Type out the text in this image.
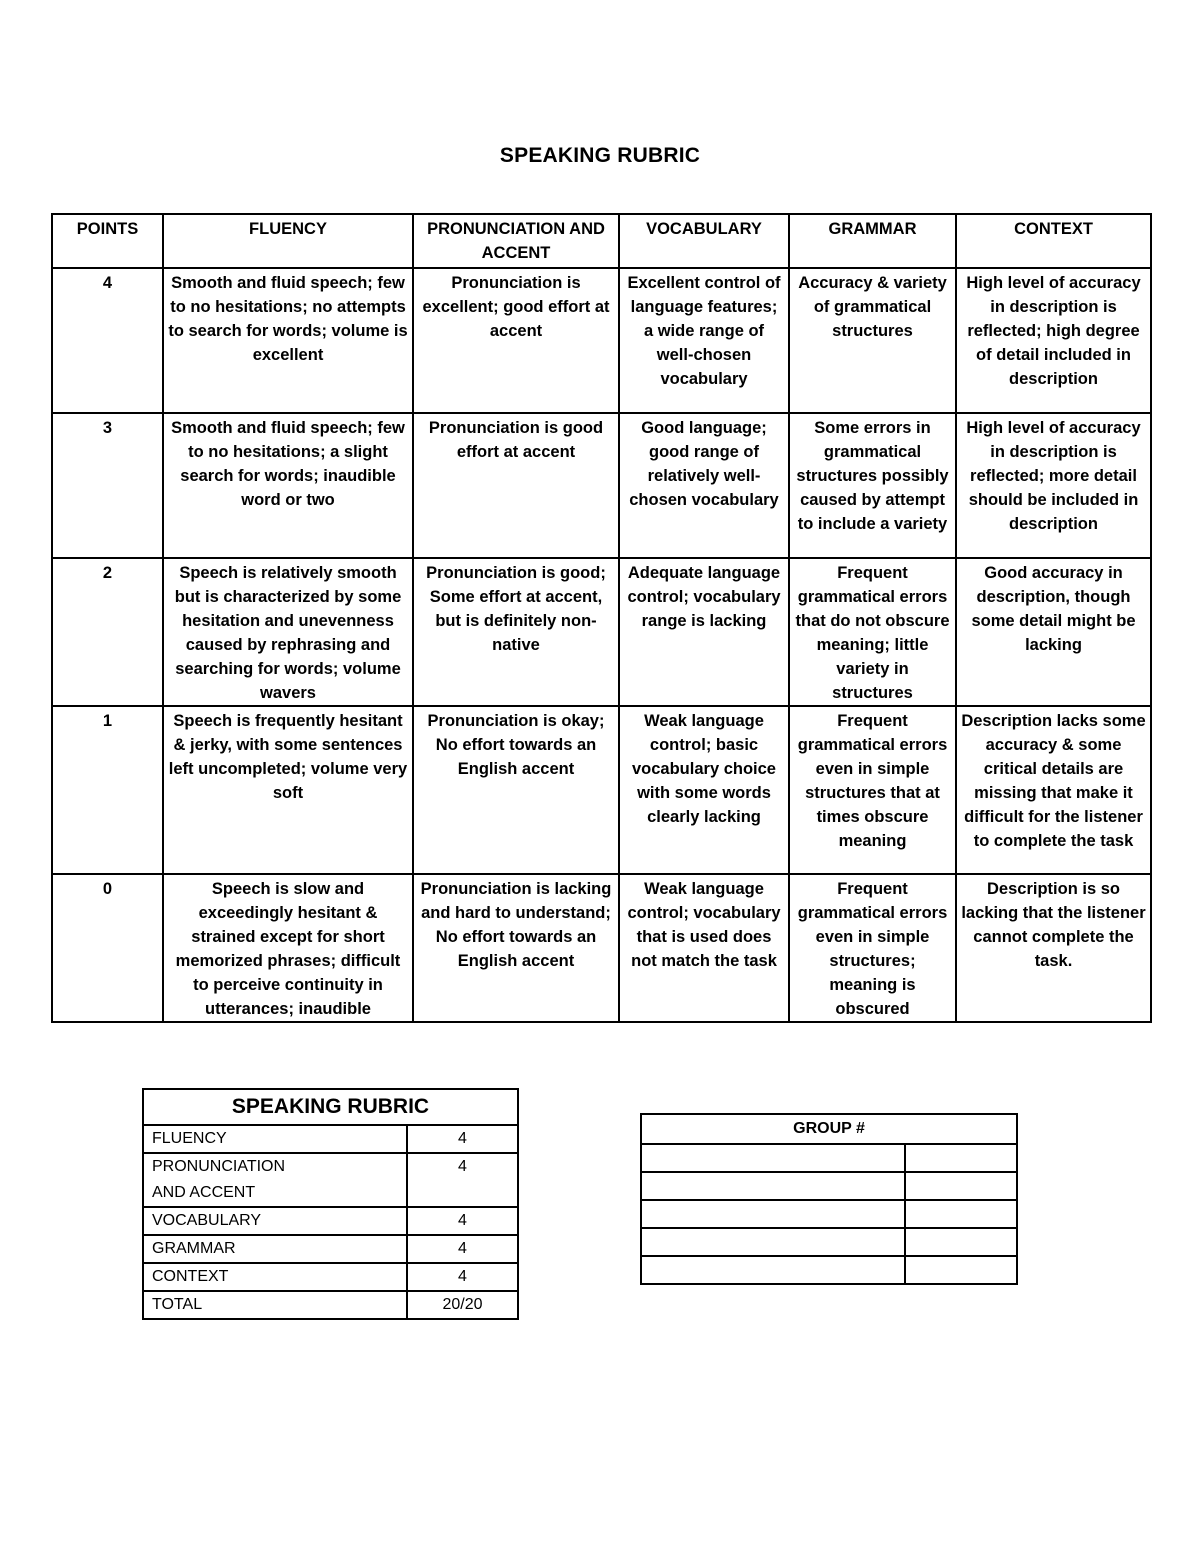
SPEAKING RUBRIC
POINTS	FLUENCY	PRONUNCIATION AND ACCENT	VOCABULARY	GRAMMAR	CONTEXT
4	Smooth and fluid speech; few to no hesitations; no attempts to search for words; volume is excellent	Pronunciation is excellent; good effort at accent	Excellent control of language features; a wide range of well-chosen vocabulary	Accuracy & variety of grammatical structures	High level of accuracy in description is reflected; high degree of detail included in description
3	Smooth and fluid speech; few to no hesitations; a slight search for words; inaudible word or two	Pronunciation is good effort at accent	Good language; good range of relatively well-chosen vocabulary	Some errors in grammatical structures possibly caused by attempt to include a variety	High level of accuracy in description is reflected; more detail should be included in description
2	Speech is relatively smooth but is characterized by some hesitation and unevenness caused by rephrasing and searching for words; volume wavers	Pronunciation is good; Some effort at accent, but is definitely non-native	Adequate language control; vocabulary range is lacking	Frequent grammatical errors that do not obscure meaning; little variety in structures	Good accuracy in description, though some detail might be lacking
1	Speech is frequently hesitant & jerky, with some sentences left uncompleted; volume very soft	Pronunciation is okay; No effort towards an English accent	Weak language control; basic vocabulary choice with some words clearly lacking	Frequent grammatical errors even in simple structures that at times obscure meaning	Description lacks some accuracy & some critical details are missing that make it difficult for the listener to complete the task
0	Speech is slow and exceedingly hesitant & strained except for short memorized phrases; difficult to perceive continuity in utterances; inaudible	Pronunciation is lacking and hard to understand; No effort towards an English accent	Weak language control; vocabulary that is used does not match the task	Frequent grammatical errors even in simple structures; meaning is obscured	Description is so lacking that the listener cannot complete the task.
SPEAKING RUBRIC	
FLUENCY	4
PRONUNCIATION AND ACCENT	4
VOCABULARY	4
GRAMMAR	4
CONTEXT	4
TOTAL	20/20
GROUP #	
